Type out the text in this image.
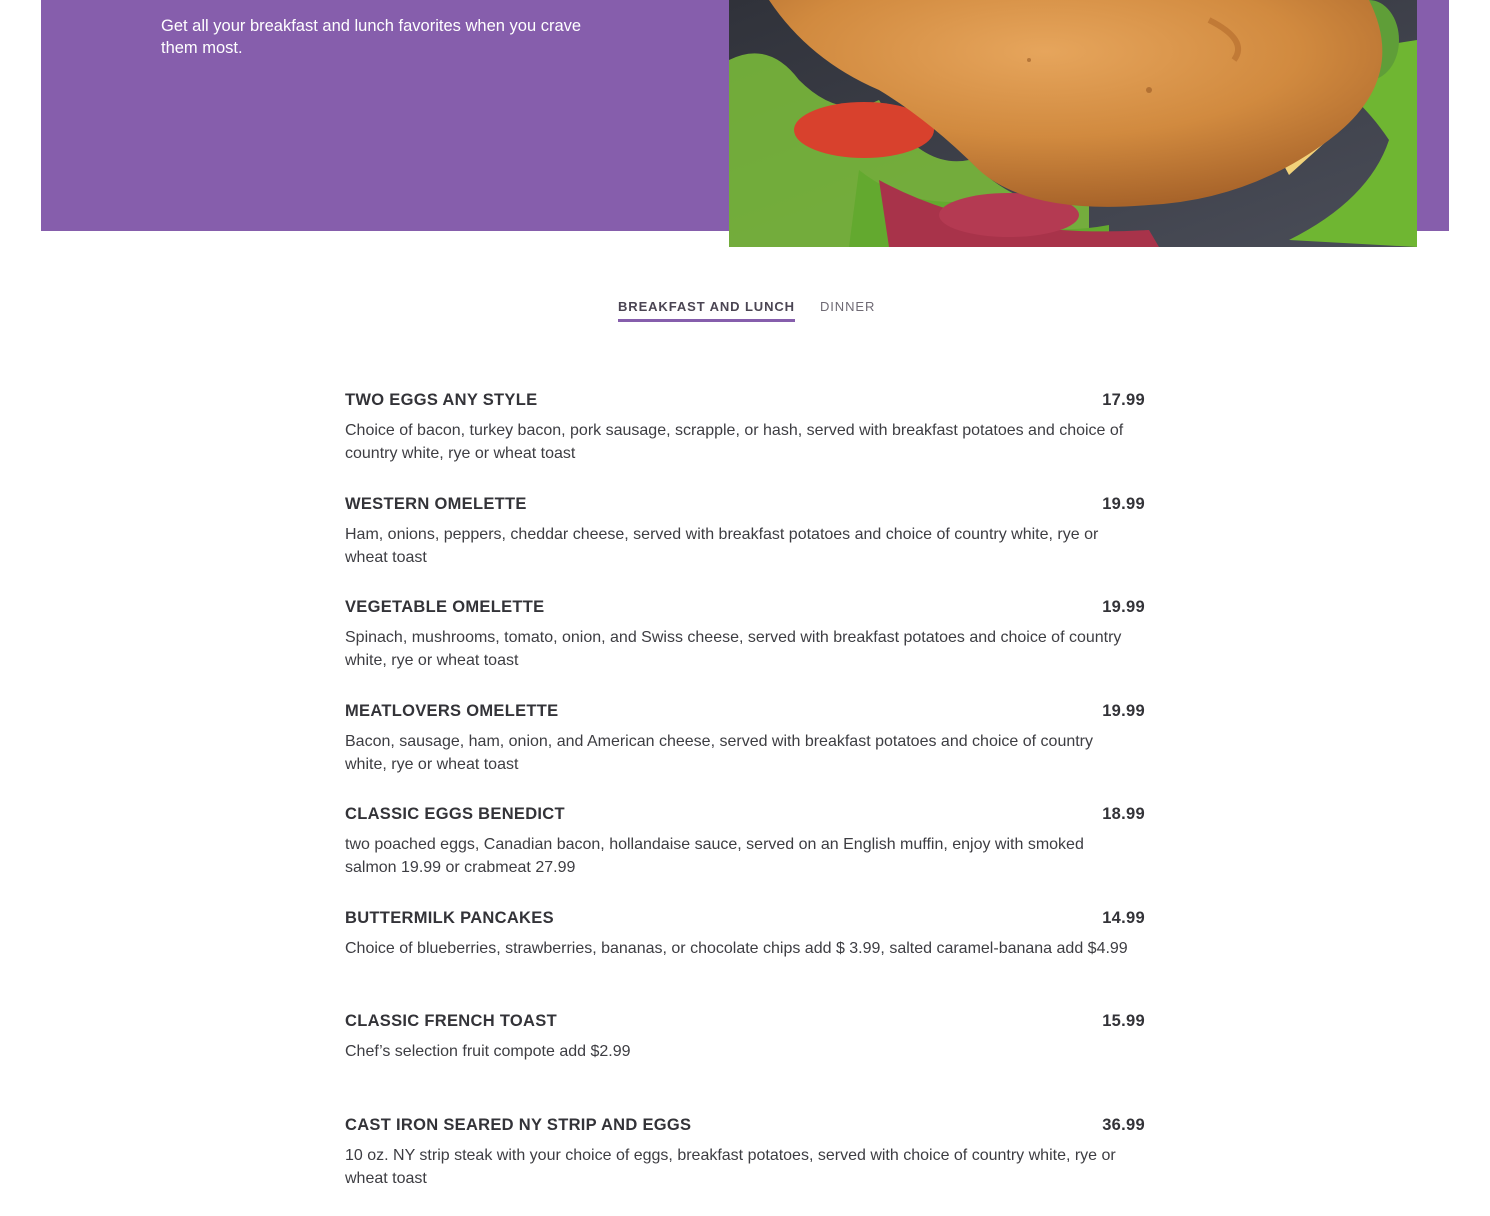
Get all your breakfast and lunch favorites when you crave them most.

BREAKFAST AND LUNCH DINNER
TWO EGGS ANY STYLE	17.99
Choice of bacon, turkey bacon, pork sausage, scrapple, or hash, served with breakfast potatoes and choice of country white, rye or wheat toast
WESTERN OMELETTE	19.99
Ham, onions, peppers, cheddar cheese, served with breakfast potatoes and choice of country white, rye or wheat toast
VEGETABLE OMELETTE	19.99
Spinach, mushrooms, tomato, onion, and Swiss cheese, served with breakfast potatoes and choice of country white, rye or wheat toast
MEATLOVERS OMELETTE	19.99
Bacon, sausage, ham, onion, and American cheese, served with breakfast potatoes and choice of country white, rye or wheat toast
CLASSIC EGGS BENEDICT	18.99
two poached eggs, Canadian bacon, hollandaise sauce, served on an English muffin, enjoy with smoked salmon 19.99 or crabmeat 27.99
BUTTERMILK PANCAKES	14.99
Choice of blueberries, strawberries, bananas, or chocolate chips add $ 3.99, salted caramel-banana add $4.99
CLASSIC FRENCH TOAST	15.99
Chef’s selection fruit compote add $2.99
CAST IRON SEARED NY STRIP AND EGGS	36.99
10 oz. NY strip steak with your choice of eggs, breakfast potatoes, served with choice of country white, rye or wheat toast
